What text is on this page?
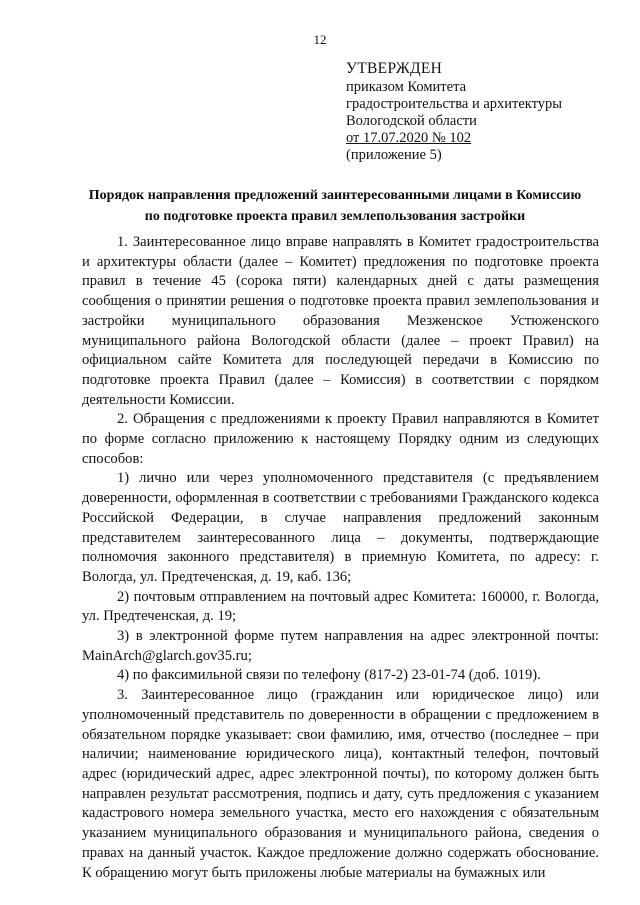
12
УТВЕРЖДЕН
приказом Комитета
градостроительства и архитектуры
Вологодской области
от 17.07.2020 № 102
(приложение 5)
Порядок направления предложений заинтересованными лицами в Комиссию
по подготовке проекта правил землепользования застройки

1. Заинтересованное лицо вправе направлять в Комитет градостроительства и архитектуры области (далее – Комитет) предложения по подготовке проекта правил в течение 45 (сорока пяти) календарных дней с даты размещения сообщения о принятии решения о подготовке проекта правил землепользования и застройки муниципального образования Мезженское Устюженского муниципального района Вологодской области (далее – проект Правил) на официальном сайте Комитета для последующей передачи в Комиссию по подготовке проекта Правил (далее – Комиссия) в соответствии с порядком деятельности Комиссии.

2. Обращения с предложениями к проекту Правил направляются в Комитет по форме согласно приложению к настоящему Порядку одним из следующих способов:

1) лично или через уполномоченного представителя (с предъявлением доверенности, оформленная в соответствии с требованиями Гражданского кодекса Российской Федерации, в случае направления предложений законным представителем заинтересованного лица – документы, подтверждающие полномочия законного представителя) в приемную Комитета, по адресу: г. Вологда, ул. Предтеченская, д. 19, каб. 136;

2) почтовым отправлением на почтовый адрес Комитета: 160000, г. Вологда, ул. Предтеченская, д. 19;

3) в электронной форме путем направления на адрес электронной почты: MainArch@glarch.gov35.ru;

4) по факсимильной связи по телефону (817-2) 23-01-74 (доб. 1019).

3. Заинтересованное лицо (гражданин или юридическое лицо) или уполномоченный представитель по доверенности в обращении с предложением в обязательном порядке указывает: свои фамилию, имя, отчество (последнее – при наличии; наименование юридического лица), контактный телефон, почтовый адрес (юридический адрес, адрес электронной почты), по которому должен быть направлен результат рассмотрения, подпись и дату, суть предложения с указанием кадастрового номера земельного участка, место его нахождения с обязательным указанием муниципального образования и муниципального района, сведения о правах на данный участок. Каждое предложение должно содержать обоснование. К обращению могут быть приложены любые материалы на бумажных или
